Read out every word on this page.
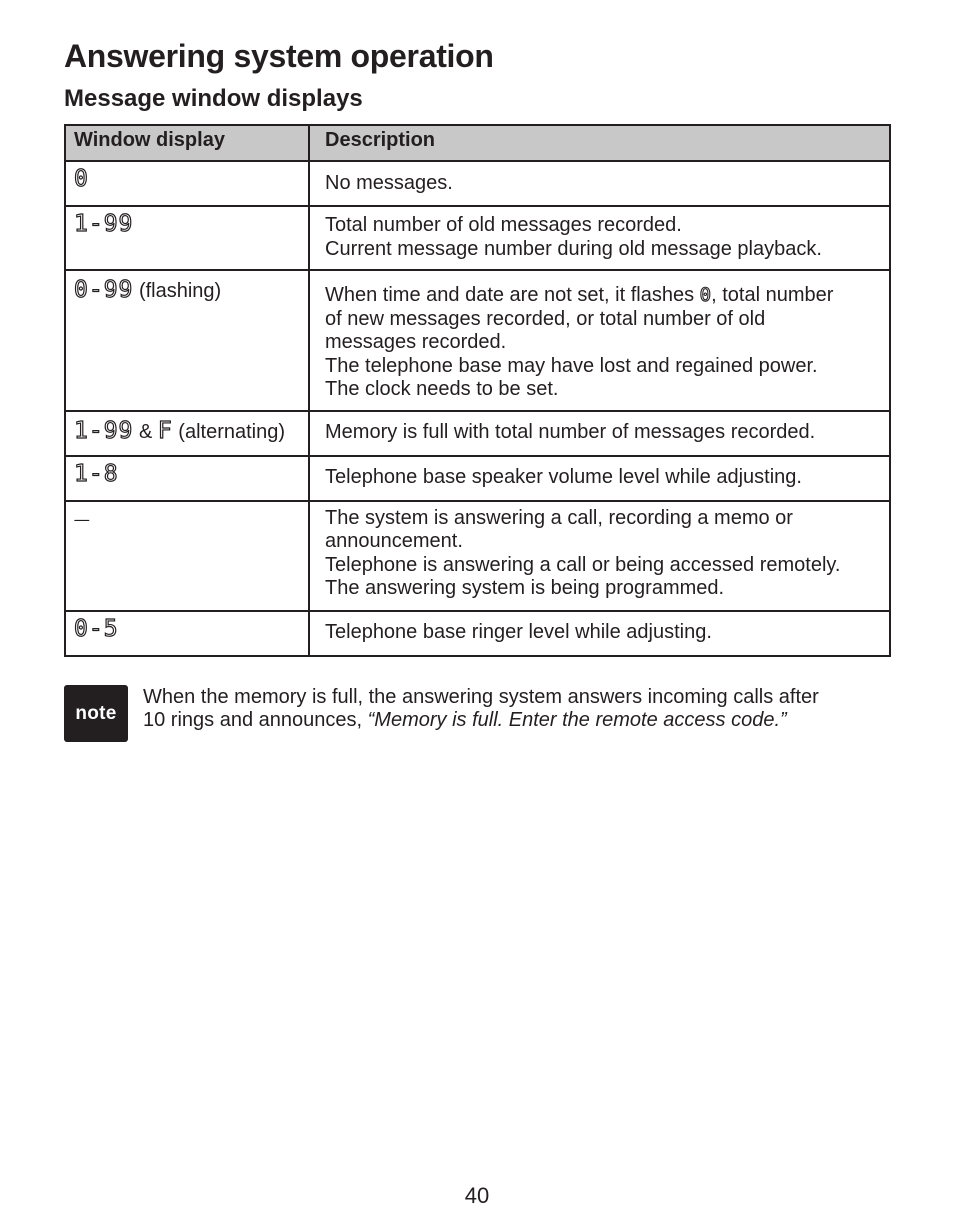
Answering system operation
Message window displays
Window display	Description

0	No messages.

1-99	Total number of old messages recorded.
Current message number during old message playback.

0-99 (flashing)	When time and date are not set, it flashes 0, total number
of new messages recorded, or total number of old
messages recorded.
The telephone base may have lost and regained power.
The clock needs to be set.

1-99 & F (alternating)	Memory is full with total number of messages recorded.

1-8	Telephone base speaker volume level while adjusting.

--------	The system is answering a call, recording a memo or
announcement.
Telephone is answering a call or being accessed remotely.
The answering system is being programmed.

0-5	Telephone base ringer level while adjusting.
note
When the memory is full, the answering system answers incoming calls after
10 rings and announces, “Memory is full. Enter the remote access code.”
40
